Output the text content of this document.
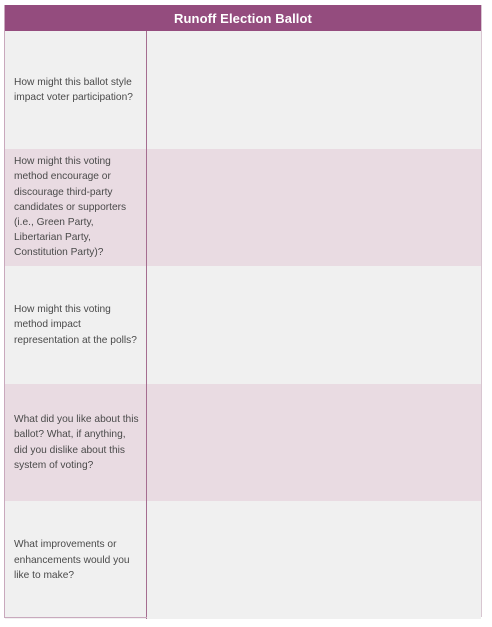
Runoff Election Ballot
How might this ballot style impact voter participation?
How might this voting method encourage or discourage third-party candidates or supporters (i.e., Green Party, Libertarian Party, Constitution Party)?
How might this voting method impact representation at the polls?
What did you like about this ballot? What, if anything, did you dislike about this system of voting?
What improvements or enhancements would you like to make?
